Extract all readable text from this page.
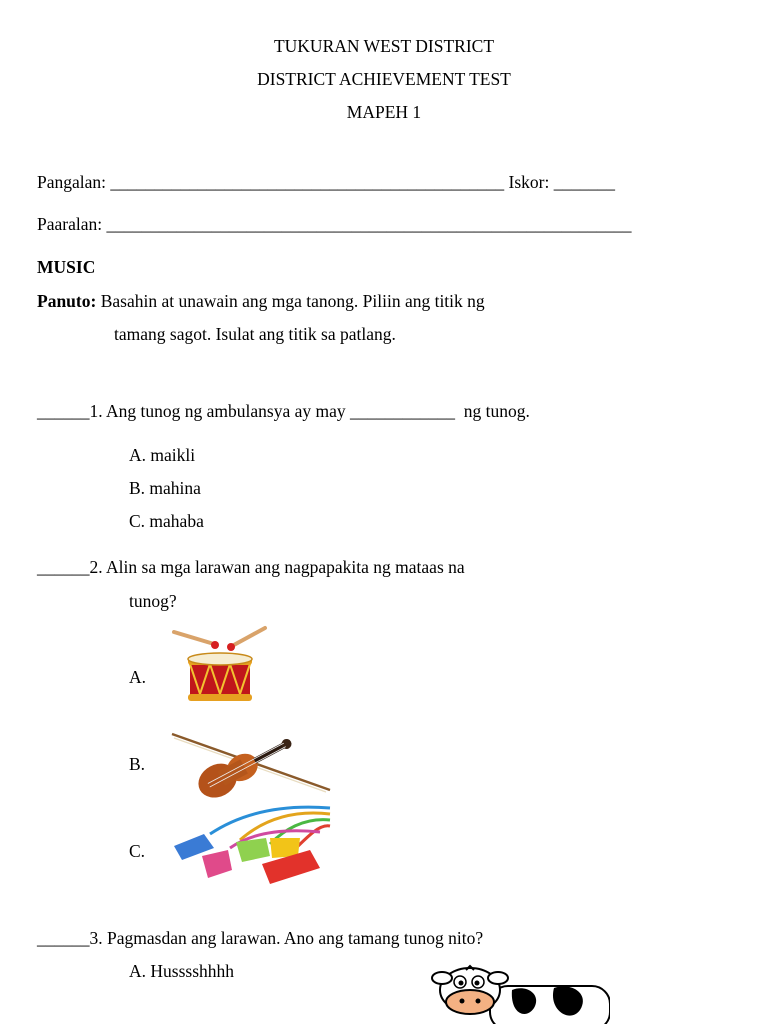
TUKURAN WEST DISTRICT
DISTRICT ACHIEVEMENT TEST
MAPEH 1
Pangalan: _____________________________________________ Iskor: _______
Paaralan: ____________________________________________________________
MUSIC
Panuto: Basahin at unawain ang mga tanong. Piliin ang titik ng
tamang sagot. Isulat ang titik sa patlang.
______1. Ang tunog ng ambulansya ay may ____________  ng tunog.
A. maikli
B. mahina
C. mahaba
______2. Alin sa mga larawan ang nagpapakita ng mataas na
tunog?
A.
B.
C.
______3. Pagmasdan ang larawan. Ano ang tamang tunog nito?
A. Husssshhhh
